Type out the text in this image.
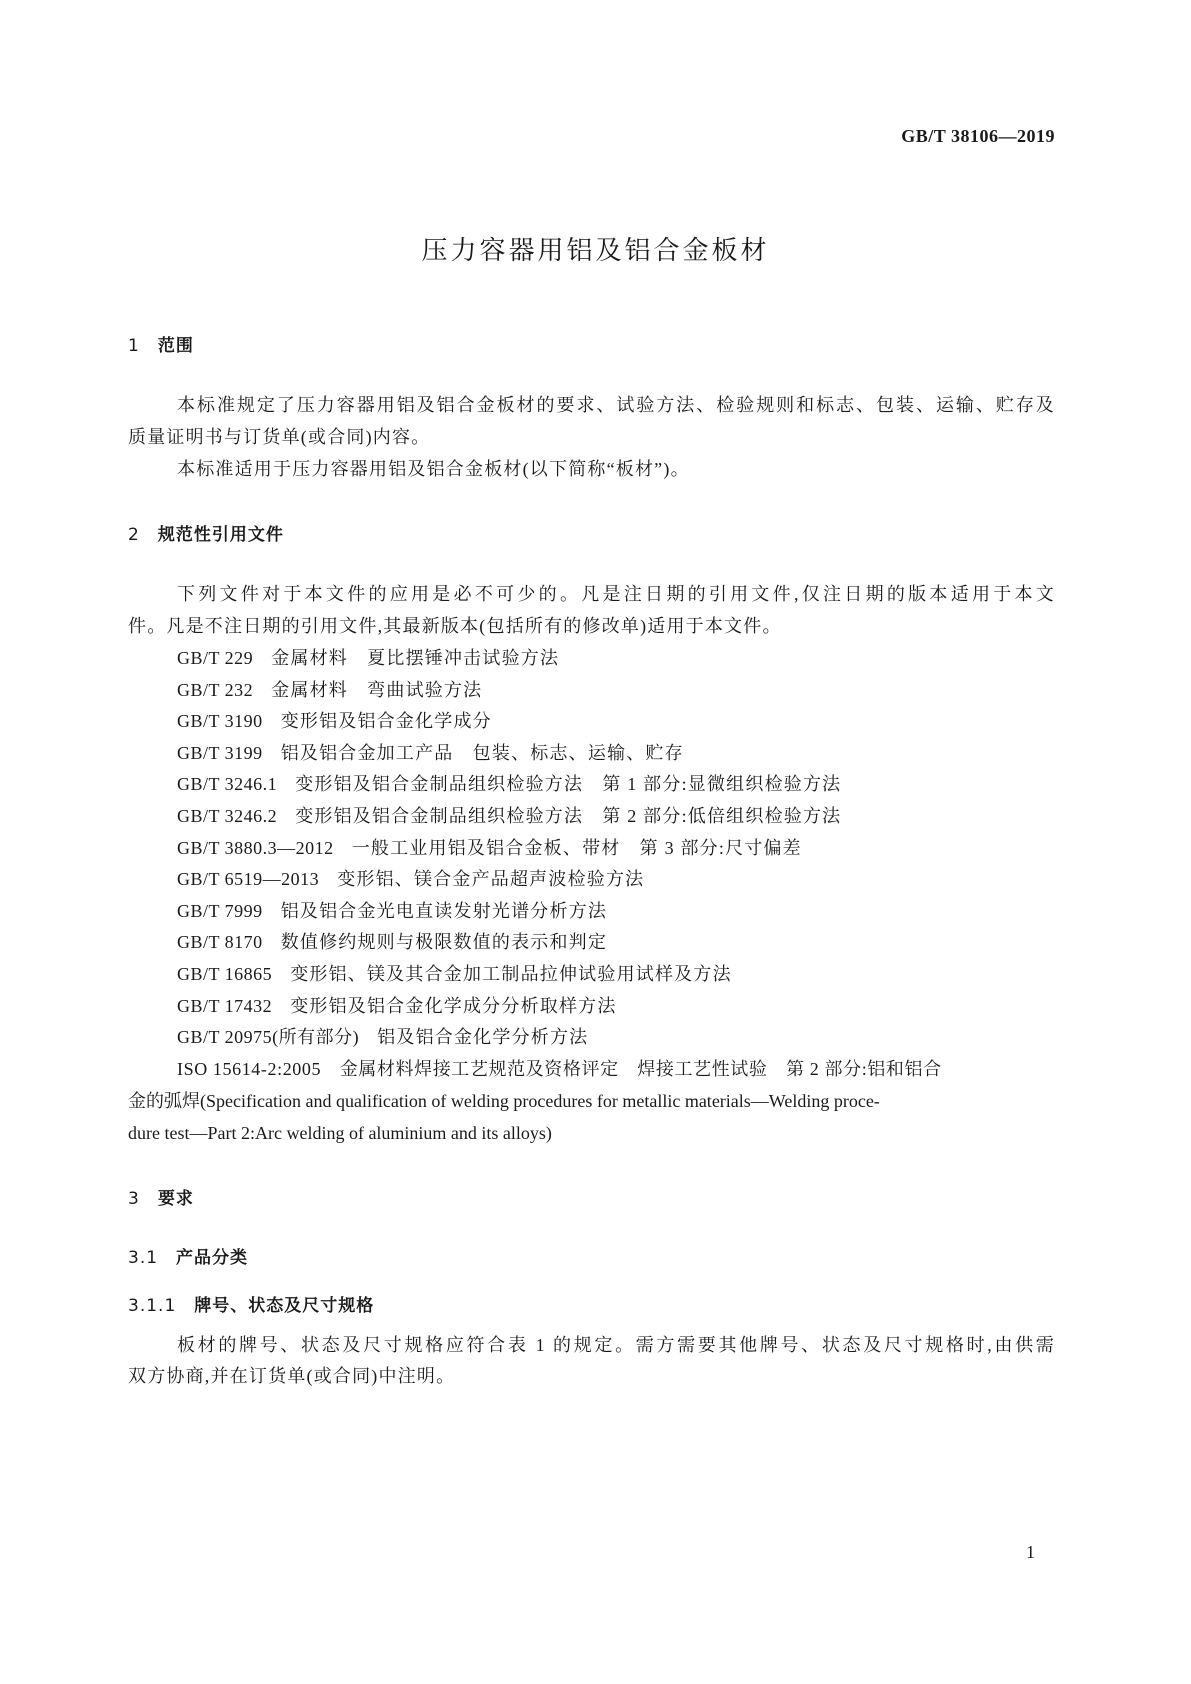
GB/T 38106—2019
压力容器用铝及铝合金板材
1 范围
本标准规定了压力容器用铝及铝合金板材的要求、试验方法、检验规则和标志、包装、运输、贮存及
质量证明书与订货单(或合同)内容。
本标准适用于压力容器用铝及铝合金板材(以下简称“板材”)。
2 规范性引用文件
下列文件对于本文件的应用是必不可少的。凡是注日期的引用文件,仅注日期的版本适用于本文
件。凡是不注日期的引用文件,其最新版本(包括所有的修改单)适用于本文件。
GB/T 229 金属材料　夏比摆锤冲击试验方法
GB/T 232 金属材料　弯曲试验方法
GB/T 3190 变形铝及铝合金化学成分
GB/T 3199 铝及铝合金加工产品　包装、标志、运输、贮存
GB/T 3246.1 变形铝及铝合金制品组织检验方法　第 1 部分:显微组织检验方法
GB/T 3246.2 变形铝及铝合金制品组织检验方法　第 2 部分:低倍组织检验方法
GB/T 3880.3—2012 一般工业用铝及铝合金板、带材　第 3 部分:尺寸偏差
GB/T 6519—2013 变形铝、镁合金产品超声波检验方法
GB/T 7999 铝及铝合金光电直读发射光谱分析方法
GB/T 8170 数值修约规则与极限数值的表示和判定
GB/T 16865 变形铝、镁及其合金加工制品拉伸试验用试样及方法
GB/T 17432 变形铝及铝合金化学成分分析取样方法
GB/T 20975(所有部分) 铝及铝合金化学分析方法
ISO 15614-2:2005　金属材料焊接工艺规范及资格评定　焊接工艺性试验　第 2 部分:铝和铝合
金的弧焊(Specification and qualification of welding procedures for metallic materials—Welding proce-
dure test—Part 2:Arc welding of aluminium and its alloys)
3 要求
3.1 产品分类
3.1.1 牌号、状态及尺寸规格
板材的牌号、状态及尺寸规格应符合表 1 的规定。需方需要其他牌号、状态及尺寸规格时,由供需
双方协商,并在订货单(或合同)中注明。
1
